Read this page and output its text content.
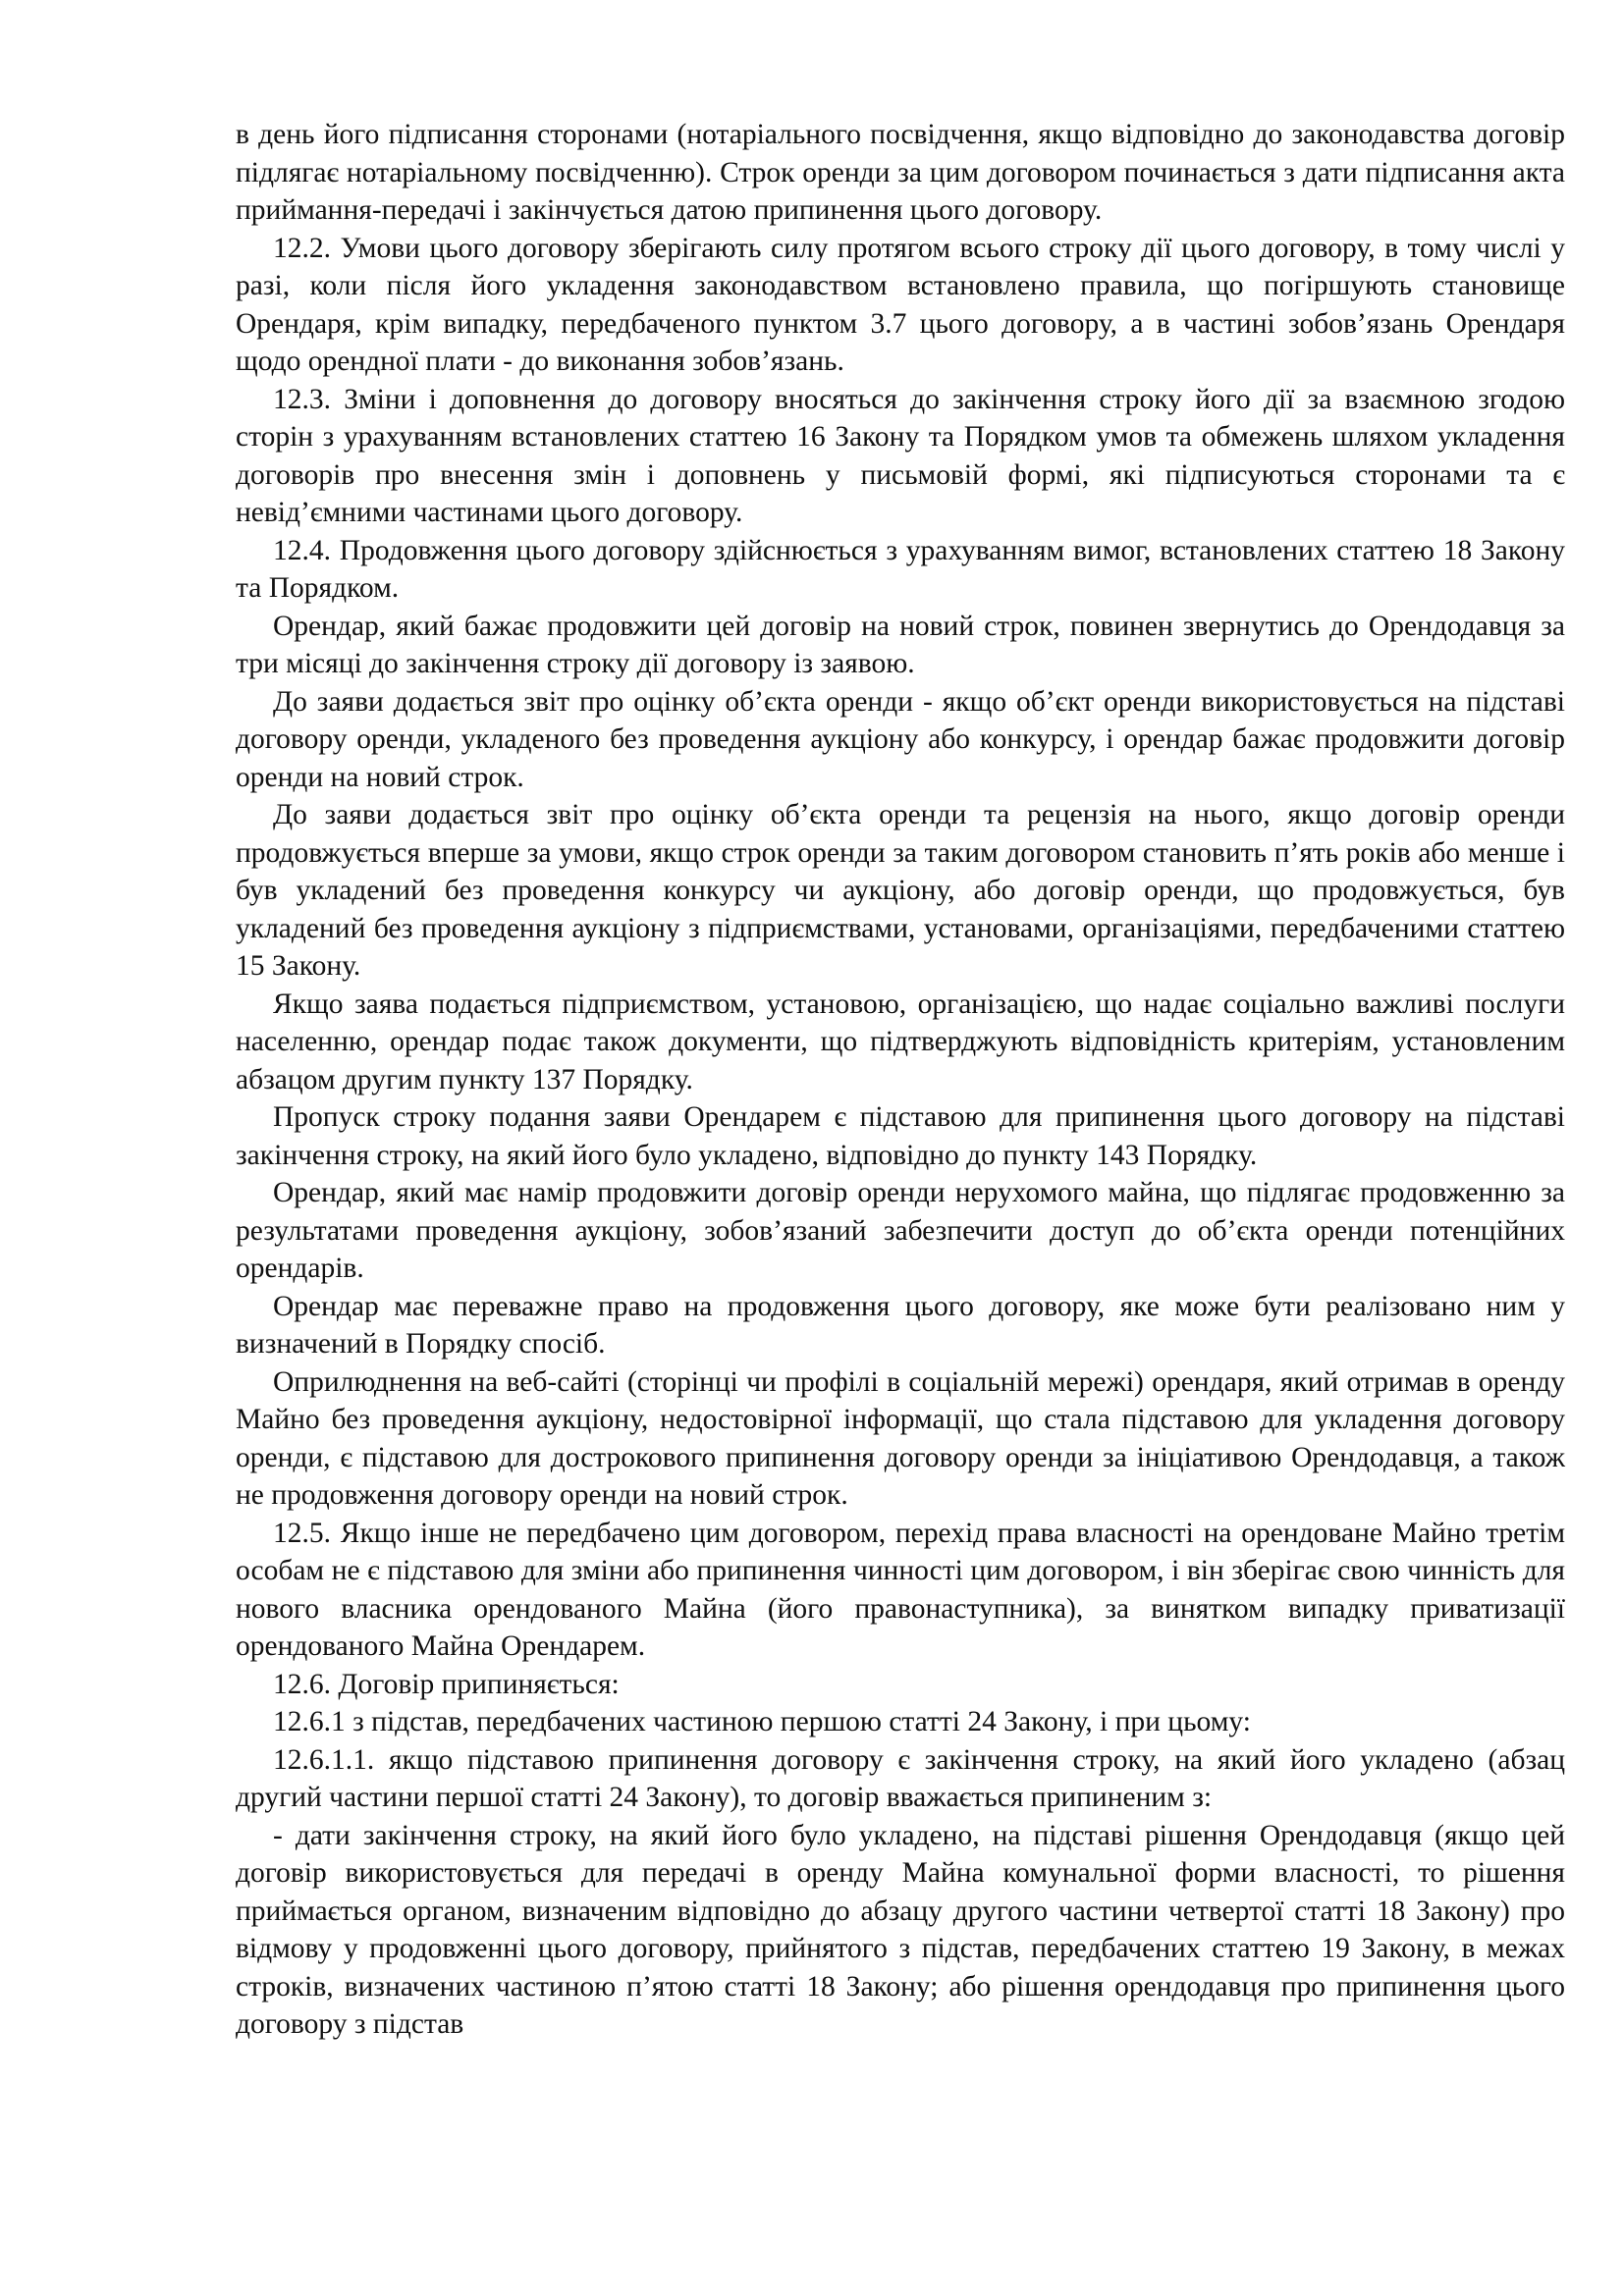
в день його підписання сторонами (нотаріального посвідчення, якщо відповідно до законодавства договір підлягає нотаріальному посвідченню). Строк оренди за цим договором починається з дати підписання акта приймання-передачі і закінчується датою припинення цього договору.

12.2. Умови цього договору зберігають силу протягом всього строку дії цього договору, в тому числі у разі, коли після його укладення законодавством встановлено правила, що погіршують становище Орендаря, крім випадку, передбаченого пунктом 3.7 цього договору, а в частині зобов’язань Орендаря щодо орендної плати - до виконання зобов’язань.

12.3. Зміни і доповнення до договору вносяться до закінчення строку його дії за взаємною згодою сторін з урахуванням встановлених статтею 16 Закону та Порядком умов та обмежень шляхом укладення договорів про внесення змін і доповнень у письмовій формі, які підписуються сторонами та є невід’ємними частинами цього договору.

12.4. Продовження цього договору здійснюється з урахуванням вимог, встановлених статтею 18 Закону та Порядком.

Орендар, який бажає продовжити цей договір на новий строк, повинен звернутись до Орендодавця за три місяці до закінчення строку дії договору із заявою.

До заяви додається звіт про оцінку об’єкта оренди - якщо об’єкт оренди використовується на підставі договору оренди, укладеного без проведення аукціону або конкурсу, і орендар бажає продовжити договір оренди на новий строк.

До заяви додається звіт про оцінку об’єкта оренди та рецензія на нього, якщо договір оренди продовжується вперше за умови, якщо строк оренди за таким договором становить п’ять років або менше і був укладений без проведення конкурсу чи аукціону, або договір оренди, що продовжується, був укладений без проведення аукціону з підприємствами, установами, організаціями, передбаченими статтею 15 Закону.

Якщо заява подається підприємством, установою, організацією, що надає соціально важливі послуги населенню, орендар подає також документи, що підтверджують відповідність критеріям, установленим абзацом другим пункту 137 Порядку.

Пропуск строку подання заяви Орендарем є підставою для припинення цього договору на підставі закінчення строку, на який його було укладено, відповідно до пункту 143 Порядку.

Орендар, який має намір продовжити договір оренди нерухомого майна, що підлягає продовженню за результатами проведення аукціону, зобов’язаний забезпечити доступ до об’єкта оренди потенційних орендарів.

Орендар має переважне право на продовження цього договору, яке може бути реалізовано ним у визначений в Порядку спосіб.

Оприлюднення на веб-сайті (сторінці чи профілі в соціальній мережі) орендаря, який отримав в оренду Майно без проведення аукціону, недостовірної інформації, що стала підставою для укладення договору оренди, є підставою для дострокового припинення договору оренди за ініціативою Орендодавця, а також не продовження договору оренди на новий строк.

12.5. Якщо інше не передбачено цим договором, перехід права власності на орендоване Майно третім особам не є підставою для зміни або припинення чинності цим договором, і він зберігає свою чинність для нового власника орендованого Майна (його правонаступника), за винятком випадку приватизації орендованого Майна Орендарем.

12.6. Договір припиняється:

12.6.1 з підстав, передбачених частиною першою статті 24 Закону, і при цьому:

12.6.1.1. якщо підставою припинення договору є закінчення строку, на який його укладено (абзац другий частини першої статті 24 Закону), то договір вважається припиненим з:

- дати закінчення строку, на який його було укладено, на підставі рішення Орендодавця (якщо цей договір використовується для передачі в оренду Майна комунальної форми власності, то рішення приймається органом, визначеним відповідно до абзацу другого частини четвертої статті 18 Закону) про відмову у продовженні цього договору, прийнятого з підстав, передбачених статтею 19 Закону, в межах строків, визначених частиною п’ятою статті 18 Закону; або рішення орендодавця про припинення цього договору з підстав
